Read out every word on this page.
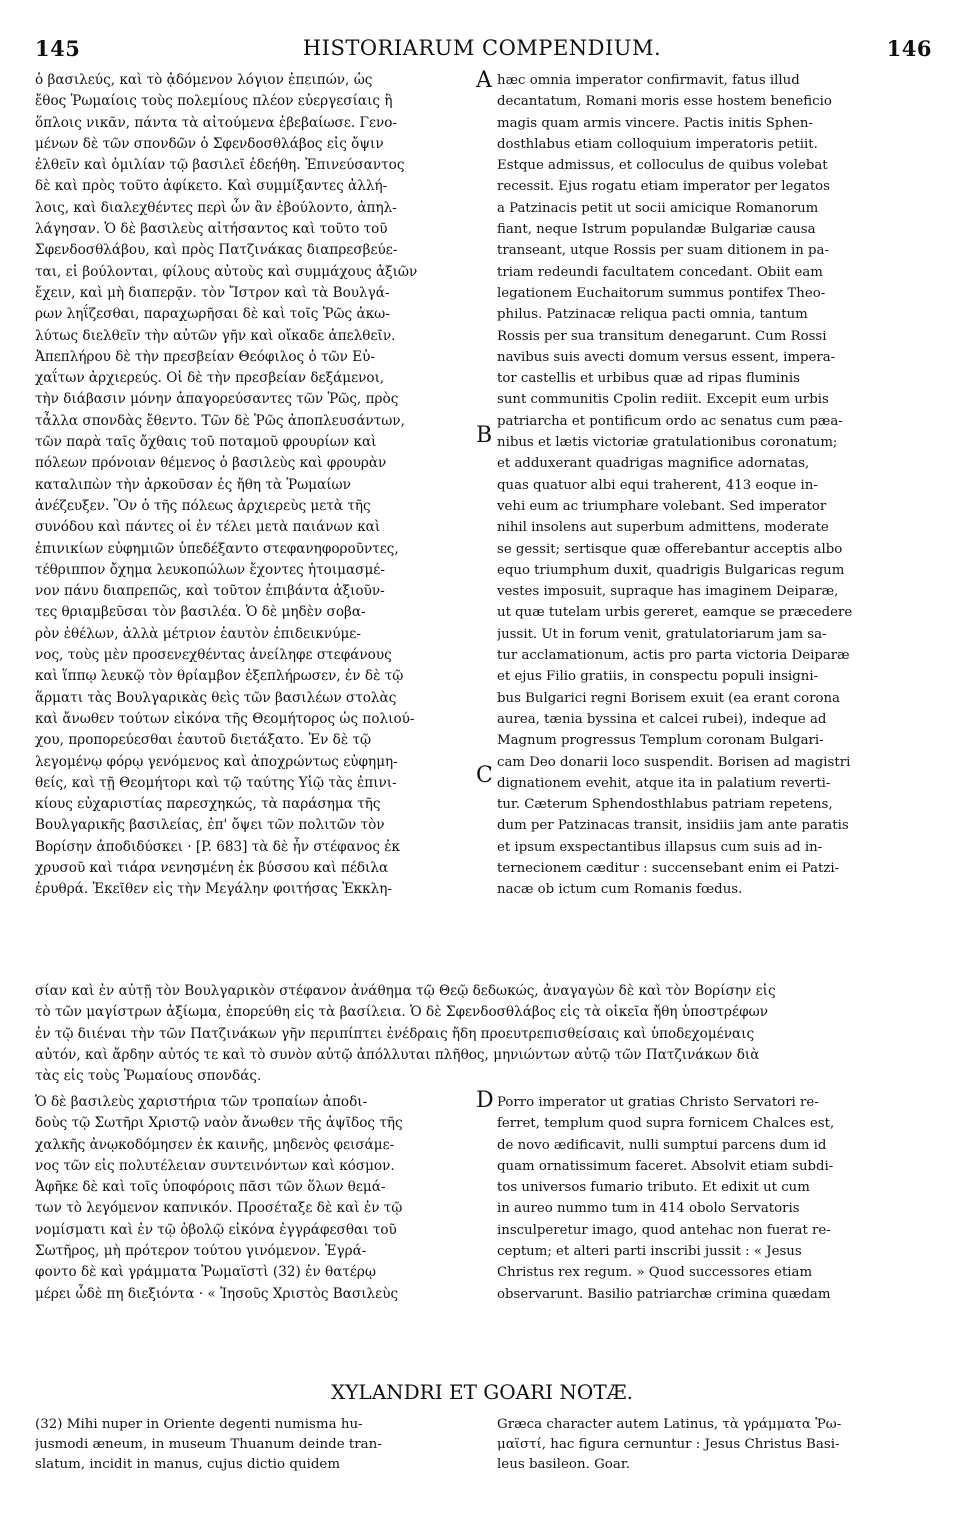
145	HISTORIARUM COMPENDIUM.	146
ὁ βασιλεύς, καὶ τὸ ᾀδόμενον λόγιον ἐπειπών, ὡς
ἔθος Ῥωμαίοις τοὺς πολεμίους πλέον εὐεργεσίαις ἢ
ὅπλοις νικᾶν, πάντα τὰ αἰτούμενα ἐβεβαίωσε. Γενο-
μένων δὲ τῶν σπονδῶν ὁ Σφενδοσθλάβος εἰς ὄψιν
ἐλθεῖν καὶ ὁμιλίαν τῷ βασιλεῖ ἐδεήθη. Ἐπινεύσαντος
δὲ καὶ πρὸς τοῦτο ἀφίκετο. Καὶ συμμίξαντες ἀλλή-
λοις, καὶ διαλεχθέντες περὶ ὧν ἂν ἐβούλοντο, ἀπηλ-
λάγησαν. Ὁ δὲ βασιλεὺς αἰτήσαντος καὶ τοῦτο τοῦ
Σφενδοσθλάβου, καὶ πρὸς Πατζινάκας διαπρεσβεύε-
ται, εἰ βούλονται, φίλους αὐτοὺς καὶ συμμάχους ἀξιῶν
ἔχειν, καὶ μὴ διαπερᾷν. τὸν Ἴστρον καὶ τὰ Βουλγά-
ρων ληΐζεσθαι, παραχωρῆσαι δὲ καὶ τοῖς Ῥῶς ἀκω-
λύτως διελθεῖν τὴν αὐτῶν γῆν καὶ οἴκαδε ἀπελθεῖν.
Ἀπεπλήρου δὲ τὴν πρεσβείαν Θεόφιλος ὁ τῶν Εὐ-
χαΐτων ἀρχιερεύς. Οἱ δὲ τὴν πρεσβείαν δεξάμενοι,
τὴν διάβασιν μόνην ἀπαγορεύσαντες τῶν Ῥῶς, πρὸς
τἆλλα σπονδὰς ἔθεντο. Τῶν δὲ Ῥῶς ἀποπλευσάντων,
τῶν παρὰ ταῖς ὄχθαις τοῦ ποταμοῦ φρουρίων καὶ
πόλεων πρόνοιαν θέμενος ὁ βασιλεὺς καὶ φρουρὰν
καταλιπὼν τὴν ἀρκοῦσαν ἐς ἤθη τὰ Ῥωμαίων
ἀνέζευξεν. Ὃν ὁ τῆς πόλεως ἀρχιερεὺς μετὰ τῆς
συνόδου καὶ πάντες οἱ ἐν τέλει μετὰ παιάνων καὶ
ἐπινικίων εὐφημιῶν ὑπεδέξαντο στεφανηφοροῦντες,
τέθριππον ὄχημα λευκοπώλων ἔχοντες ἡτοιμασμέ-
νον πάνυ διαπρεπῶς, καὶ τοῦτον ἐπιβάντα ἀξιοῦν-
τες θριαμβεῦσαι τὸν βασιλέα. Ὁ δὲ μηδὲν σοβα-
ρὸν ἐθέλων, ἀλλὰ μέτριον ἑαυτὸν ἐπιδεικνύμε-
νος, τοὺς μὲν προσενεχθέντας ἀνείληφε στεφάνους
καὶ ἵππῳ λευκῷ τὸν θρίαμβον ἐξεπλήρωσεν, ἐν δὲ τῷ
ἅρματι τὰς Βουλγαρικὰς θεὶς τῶν βασιλέων στολὰς
καὶ ἄνωθεν τούτων εἰκόνα τῆς Θεομήτορος ὡς πολιού-
χου, προπορεύεσθαι ἑαυτοῦ διετάξατο. Ἐν δὲ τῷ
λεγομένῳ φόρῳ γενόμενος καὶ ἀποχρώντως εὐφημη-
θείς, καὶ τῇ Θεομήτορι καὶ τῷ ταύτης Υἱῷ τὰς ἐπινι-
κίους εὐχαριστίας παρεσχηκώς, τὰ παράσημα τῆς
Βουλγαρικῆς βασιλείας, ἐπ' ὄψει τῶν πολιτῶν τὸν
Βορίσην ἀποδιδύσκει · [P. 683] τὰ δὲ ἦν στέφανος ἐκ
χρυσοῦ καὶ τιάρα νενησμένη ἐκ βύσσου καὶ πέδιλα
ἐρυθρά. Ἐκεῖθεν εἰς τὴν Μεγάλην φοιτήσας Ἐκκλη-
hæc omnia imperator confirmavit, fatus illud
decantatum, Romani moris esse hostem beneficio
magis quam armis vincere. Pactis initis Sphen-
dosthlabus etiam colloquium imperatoris petiit.
Estque admissus, et colloculus de quibus volebat
recessit. Ejus rogatu etiam imperator per legatos
a Patzinacis petit ut socii amicique Romanorum
fiant, neque Istrum populandæ Bulgariæ causa
transeant, utque Rossis per suam ditionem in pa-
triam redeundi facultatem concedant. Obiit eam
legationem Euchaitorum summus pontifex Theo-
philus. Patzinacæ reliqua pacti omnia, tantum
Rossis per sua transitum denegarunt. Cum Rossi
navibus suis avecti domum versus essent, impera-
tor castellis et urbibus quæ ad ripas fluminis
sunt communitis Cpolin rediit. Excepit eum urbis
patriarcha et pontificum ordo ac senatus cum pæa-
nibus et lætis victoriæ gratulationibus coronatum;
et adduxerant quadrigas magnifice adornatas,
quas quatuor albi equi traherent, 413 eoque in-
vehi eum ac triumphare volebant. Sed imperator
nihil insolens aut superbum admittens, moderate
se gessit; sertisque quæ offerebantur acceptis albo
equo triumphum duxit, quadrigis Bulgaricas regum
vestes imposuit, supraque has imaginem Deiparæ,
ut quæ tutelam urbis gereret, eamque se præcedere
jussit. Ut in forum venit, gratulatoriarum jam sa-
tur acclamationum, actis pro parta victoria Deiparæ
et ejus Filio gratiis, in conspectu populi insigni-
bus Bulgarici regni Borisem exuit (ea erant corona
aurea, tænia byssina et calcei rubei), indeque ad
Magnum progressus Templum coronam Bulgari-
cam Deo donarii loco suspendit. Borisen ad magistri
dignationem evehit, atque ita in palatium reverti-
tur. Cæterum Sphendosthlabus patriam repetens,
dum per Patzinacas transit, insidiis jam ante paratis
et ipsum exspectantibus illapsus cum suis ad in-
ternecionem cæditur : succensebant enim ei Patzi-
nacæ ob ictum cum Romanis fœdus.
A
B
C
D
σίαν καὶ ἐν αὐτῇ τὸν Βουλγαρικὸν στέφανον ἀνάθημα τῷ Θεῷ δεδωκώς, ἀναγαγὼν δὲ καὶ τὸν Βορίσην εἰς
τὸ τῶν μαγίστρων ἀξίωμα, ἐπορεύθη εἰς τὰ βασίλεια. Ὁ δὲ Σφενδοσθλάβος εἰς τὰ οἰκεῖα ἤθη ὑποστρέφων
ἐν τῷ διιέναι τὴν τῶν Πατζινάκων γῆν περιπίπτει ἐνέδραις ἤδη προευτρεπισθείσαις καὶ ὑποδεχομέναις
αὐτόν, καὶ ἄρδην αὐτός τε καὶ τὸ συνὸν αὐτῷ ἀπόλλυται πλῆθος, μηνιώντων αὐτῷ τῶν Πατζινάκων διὰ
τὰς εἰς τοὺς Ῥωμαίους σπονδάς.
Ὁ δὲ βασιλεὺς χαριστήρια τῶν τροπαίων ἀποδι-
δοὺς τῷ Σωτῆρι Χριστῷ ναὸν ἄνωθεν τῆς ἁψῖδος τῆς
χαλκῆς ἀνῳκοδόμησεν ἐκ καινῆς, μηδενὸς φεισάμε-
νος τῶν εἰς πολυτέλειαν συντεινόντων καὶ κόσμον.
Ἀφῆκε δὲ καὶ τοῖς ὑποφόροις πᾶσι τῶν ὅλων θεμά-
των τὸ λεγόμενον καπνικόν. Προσέταξε δὲ καὶ ἐν τῷ
νομίσματι καὶ ἐν τῷ ὀβολῷ εἰκόνα ἐγγράφεσθαι τοῦ
Σωτῆρος, μὴ πρότερον τούτου γινόμενον. Ἐγρά-
φοντο δὲ καὶ γράμματα Ῥωμαϊστὶ (32) ἐν θατέρῳ
μέρει ὧδὲ πη διεξιόντα · « Ἰησοῦς Χριστὸς Βασιλεὺς
Porro imperator ut gratias Christo Servatori re-
ferret, templum quod supra fornicem Chalces est,
de novo ædificavit, nulli sumptui parcens dum id
quam ornatissimum faceret. Absolvit etiam subdi-
tos universos fumario tributo. Et edixit ut cum
in aureo nummo tum in 414 obolo Servatoris
insculperetur imago, quod antehac non fuerat re-
ceptum; et alteri parti inscribi jussit : « Jesus
Christus rex regum. » Quod successores etiam
observarunt. Basilio patriarchæ crimina quædam
XYLANDRI ET GOARI NOTÆ.
(32) Mihi nuper in Oriente degenti numisma hu-
jusmodi æneum, in museum Thuanum deinde tran-
slatum, incidit in manus, cujus dictio quidem
Græca character autem Latinus, τὰ γράμματα Ῥω-
μαϊστί, hac figura cernuntur : Jesus Christus Basi-
leus basileon. Goar.
